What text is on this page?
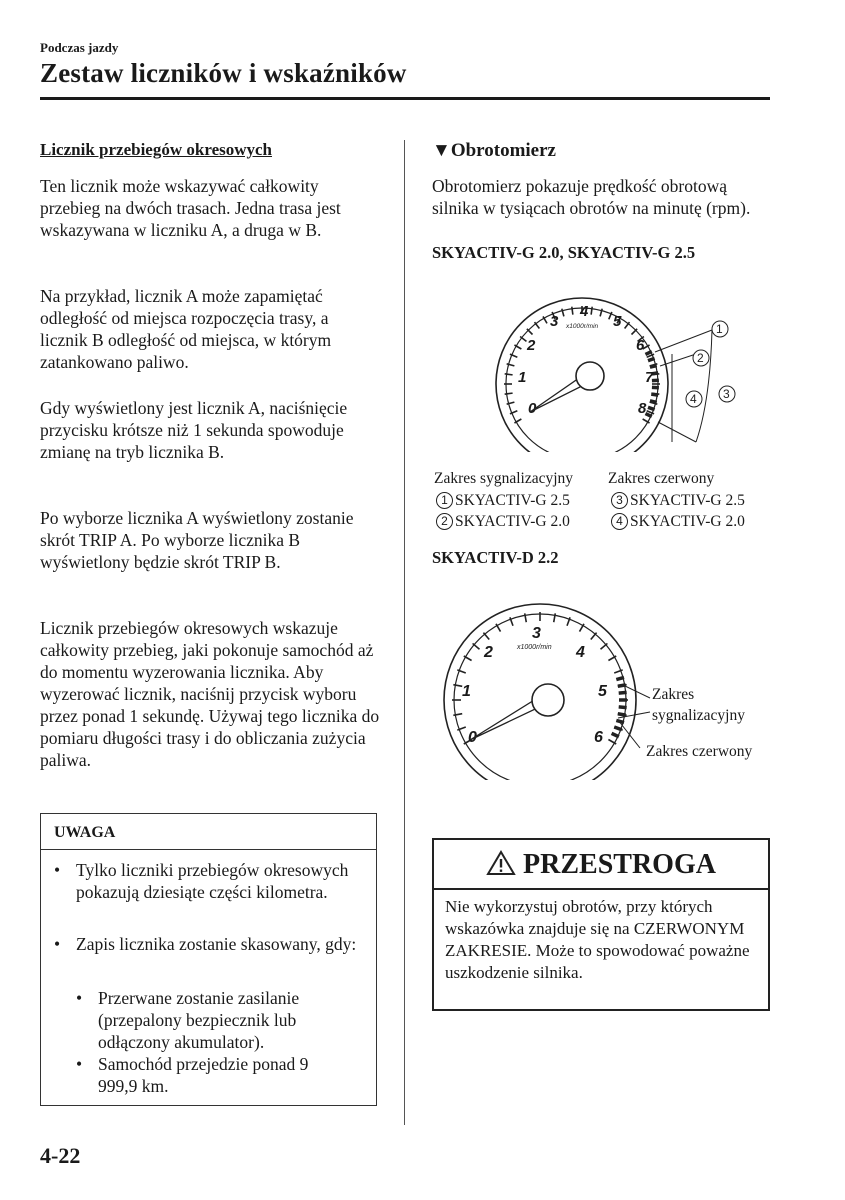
Podczas jazdy
Zestaw liczników i wskaźników
Licznik przebiegów okresowych

Ten licznik może wskazywać całkowity przebieg na dwóch trasach. Jedna trasa jest wskazywana w liczniku A, a druga w B.

Na przykład, licznik A może zapamiętać odległość od miejsca rozpoczęcia trasy, a licznik B odległość od miejsca, w którym zatankowano paliwo.

Gdy wyświetlony jest licznik A, naciśnięcie przycisku krótsze niż 1 sekunda spowoduje zmianę na tryb licznika B.

Po wyborze licznika A wyświetlony zostanie skrót TRIP A. Po wyborze licznika B wyświetlony będzie skrót TRIP B.

Licznik przebiegów okresowych wskazuje całkowity przebieg, jaki pokonuje samochód aż do momentu wyzerowania licznika. Aby wyzerować licznik, naciśnij przycisk wyboru przez ponad 1 sekundę. Używaj tego licznika do pomiaru długości trasy i do obliczania zużycia paliwa.

UWAGA
• Tylko liczniki przebiegów okresowych pokazują dziesiąte części kilometra.

• Zapis licznika zostanie skasowany, gdy:

• Przerwane zostanie zasilanie (przepalony bezpiecznik lub odłączony akumulator).

• Samochód przejedzie ponad 9 999,9 km.

▼Obrotomierz

Obrotomierz pokazuje prędkość obrotową silnika w tysiącach obrotów na minutę (rpm).

SKYACTIV-G 2.0, SKYACTIV-G 2.5
0
1
2
3
4
5
6
7
8
x1000r/min	1
2
3
4
Zakres sygnalizacyjny Zakres czerwony
1 SKYACTIV-G 2.5
2 SKYACTIV-G 2.0
3 SKYACTIV-G 2.5
4 SKYACTIV-G 2.0
SKYACTIV-D 2.2
0
1
2
3
4
5
6
x1000r/min
Zakres sygnalizacyjny
Zakres czerwony
PRZESTROGA
Nie wykorzystuj obrotów, przy których wskazówka znajduje się na CZERWONYM ZAKRESIE. Może to spowodować poważne uszkodzenie silnika.
4-22
